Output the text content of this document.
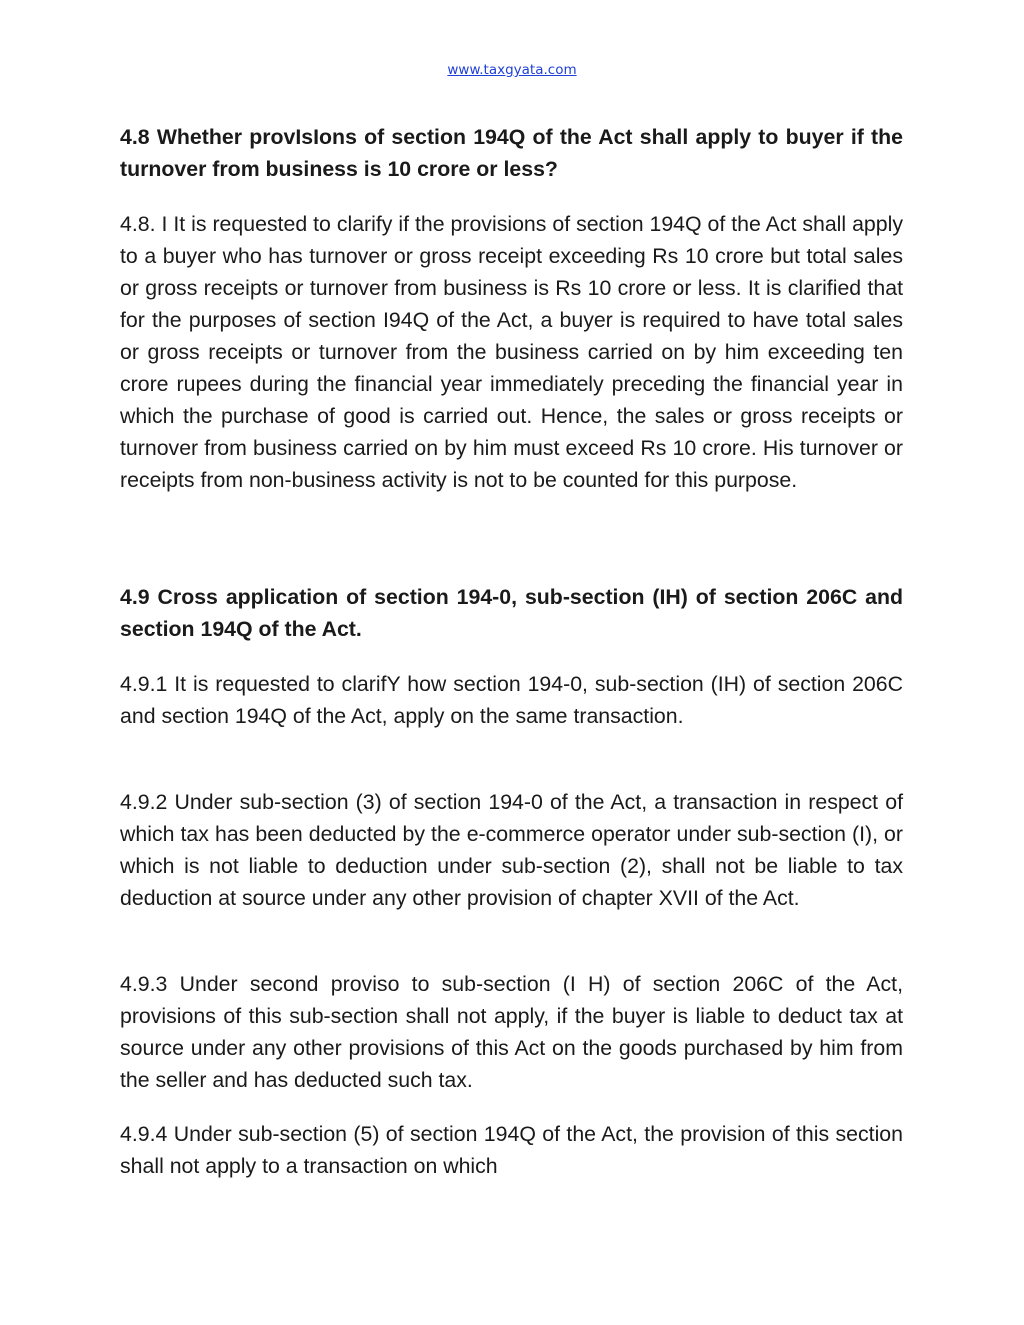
www.taxgyata.com

4.8 Whether provIsIons of section 194Q of the Act shall apply to buyer if the turnover from business is 10 crore or less?

4.8. I It is requested to clarify if the provisions of section 194Q of the Act shall apply to a buyer who has turnover or gross receipt exceeding Rs 10 crore but total sales or gross receipts or turnover from business is Rs 10 crore or less. It is clarified that for the purposes of section I94Q of the Act, a buyer is required to have total sales or gross receipts or turnover from the business carried on by him exceeding ten crore rupees during the financial year immediately preceding the financial year in which the purchase of good is carried out. Hence, the sales or gross receipts or turnover from business carried on by him must exceed Rs 10 crore. His turnover or receipts from non-business activity is not to be counted for this purpose.

4.9 Cross application of section 194-0, sub-section (IH) of section 206C and section 194Q of the Act.

4.9.1 It is requested to clarifY how section 194-0, sub-section (IH) of section 206C and section 194Q of the Act, apply on the same transaction.

4.9.2 Under sub-section (3) of section 194-0 of the Act, a transaction in respect of which tax has been deducted by the e-commerce operator under sub-section (I), or which is not liable to deduction under sub-section (2), shall not be liable to tax deduction at source under any other provision of chapter XVII of the Act.

4.9.3 Under second proviso to sub-section (I H) of section 206C of the Act, provisions of this sub-section shall not apply, if the buyer is liable to deduct tax at source under any other provisions of this Act on the goods purchased by him from the seller and has deducted such tax.

4.9.4 Under sub-section (5) of section 194Q of the Act, the provision of this section shall not apply to a transaction on which
